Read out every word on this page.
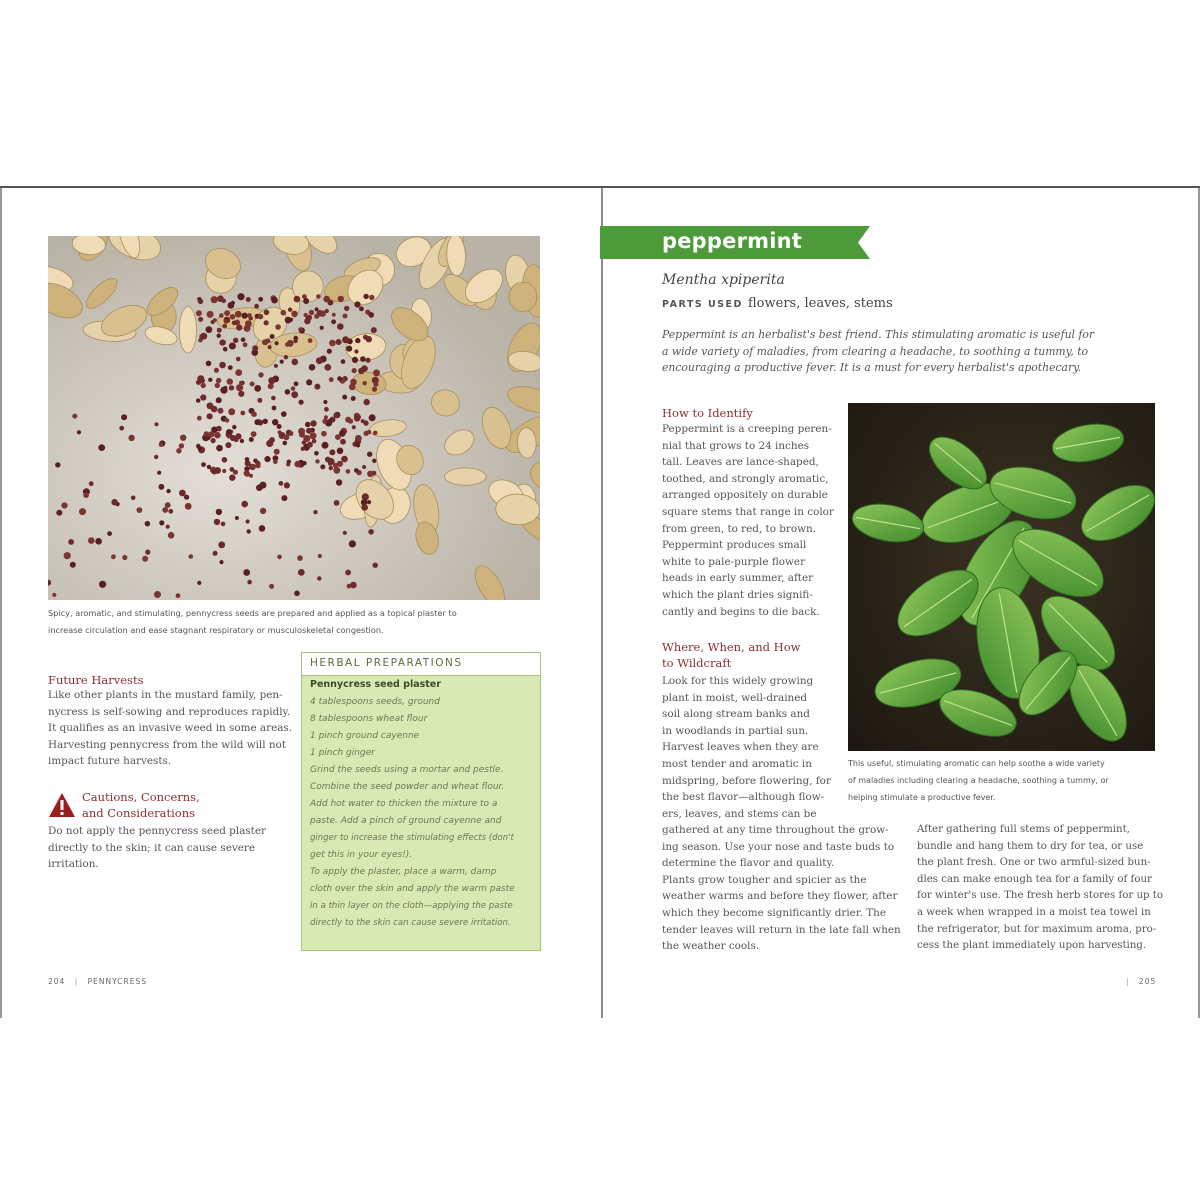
Spicy, aromatic, and stimulating, pennycress seeds are prepared and applied as a topical plaster to
increase circulation and ease stagnant respiratory or musculoskeletal congestion.
Future Harvests
Like other plants in the mustard family, pen-
nycress is self-sowing and reproduces rapidly.
It qualifies as an invasive weed in some areas.
Harvesting pennycress from the wild will not
impact future harvests.
Cautions, Concerns,
and Considerations
Do not apply the pennycress seed plaster
directly to the skin; it can cause severe
irritation.
HERBAL PREPARATIONS
Pennycress seed plaster
4 tablespoons seeds, ground
8 tablespoons wheat flour
1 pinch ground cayenne
1 pinch ginger
Grind the seeds using a mortar and pestle.
Combine the seed powder and wheat flour.
Add hot water to thicken the mixture to a
paste. Add a pinch of ground cayenne and
ginger to increase the stimulating effects (don't
get this in your eyes!).
To apply the plaster, place a warm, damp
cloth over the skin and apply the warm paste
in a thin layer on the cloth—applying the paste
directly to the skin can cause severe irritation.
204 | PENNYCRESS
peppermint
Mentha xpiperita
PARTS USED flowers, leaves, stems
Peppermint is an herbalist's best friend. This stimulating aromatic is useful for
a wide variety of maladies, from clearing a headache, to soothing a tummy, to
encouraging a productive fever. It is a must for every herbalist's apothecary.
How to Identify
Peppermint is a creeping peren-
nial that grows to 24 inches
tall. Leaves are lance-shaped,
toothed, and strongly aromatic,
arranged oppositely on durable
square stems that range in color
from green, to red, to brown.
Peppermint produces small
white to pale-purple flower
heads in early summer, after
which the plant dries signifi-
cantly and begins to die back.
Where, When, and How
to Wildcraft
Look for this widely growing
plant in moist, well-drained
soil along stream banks and
in woodlands in partial sun.
Harvest leaves when they are
most tender and aromatic in
midspring, before flowering, for
the best flavor—although flow-
ers, leaves, and stems can be
gathered at any time throughout the grow-
ing season. Use your nose and taste buds to
determine the flavor and quality.
Plants grow tougher and spicier as the
weather warms and before they flower, after
which they become significantly drier. The
tender leaves will return in the late fall when
the weather cools.
This useful, stimulating aromatic can help soothe a wide variety
of maladies including clearing a headache, soothing a tummy, or
helping stimulate a productive fever.
After gathering full stems of peppermint,
bundle and hang them to dry for tea, or use
the plant fresh. One or two armful-sized bun-
dles can make enough tea for a family of four
for winter's use. The fresh herb stores for up to
a week when wrapped in a moist tea towel in
the refrigerator, but for maximum aroma, pro-
cess the plant immediately upon harvesting.
| 205
